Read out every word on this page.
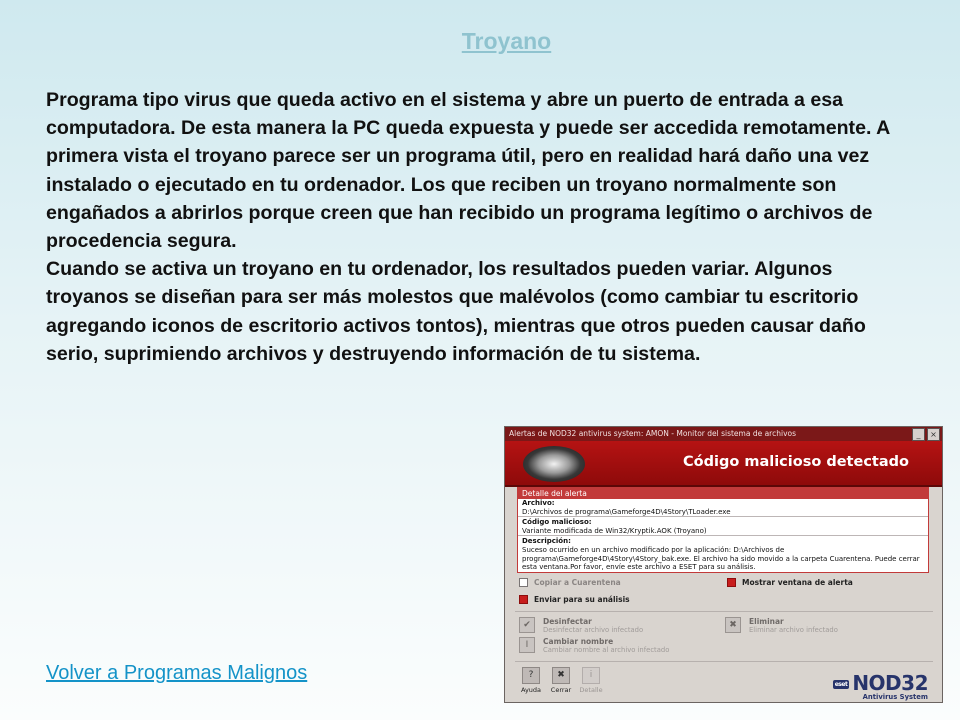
Troyano

Programa tipo virus que queda activo en el sistema y abre un puerto de entrada a esa computadora. De esta manera la PC queda expuesta y puede ser accedida remotamente. A primera vista el troyano parece ser un programa útil, pero en realidad hará daño una vez instalado o ejecutado en tu ordenador. Los que reciben un troyano normalmente son engañados a abrirlos porque creen que han recibido un programa legítimo o archivos de procedencia segura.

Cuando se activa un troyano en tu ordenador, los resultados pueden variar. Algunos troyanos se diseñan para ser más molestos que malévolos (como cambiar tu escritorio agregando iconos de escritorio activos tontos), mientras que otros pueden causar daño serio, suprimiendo archivos y destruyendo información de tu sistema.

Volver a Programas Malignos
Alertas de NOD32 antivirus system: AMON - Monitor del sistema de archivos	_	×
Código malicioso detectado
Detalle del alerta
Archivo:
D:\Archivos de programa\Gameforge4D\4Story\TLoader.exe
Código malicioso:
Variante modificada de Win32/Kryptik.AOK (Troyano)
Descripción:
Suceso ocurrido en un archivo modificado por la aplicación: D:\Archivos de programa\Gameforge4D\4Story\4Story_bak.exe. El archivo ha sido movido a la carpeta Cuarentena. Puede cerrar esta ventana.Por favor, envíe este archivo a ESET para su análisis.
Copiar a Cuarentena	Mostrar ventana de alerta
Enviar para su análisis
✔	Desinfectar
Desinfectar archivo infectado	✖	Eliminar
Eliminar archivo infectado
I	Cambiar nombre
Cambiar nombre al archivo infectado
?
Ayuda
✖
Cerrar
i
Detalle
eset NOD32
Antivirus System
